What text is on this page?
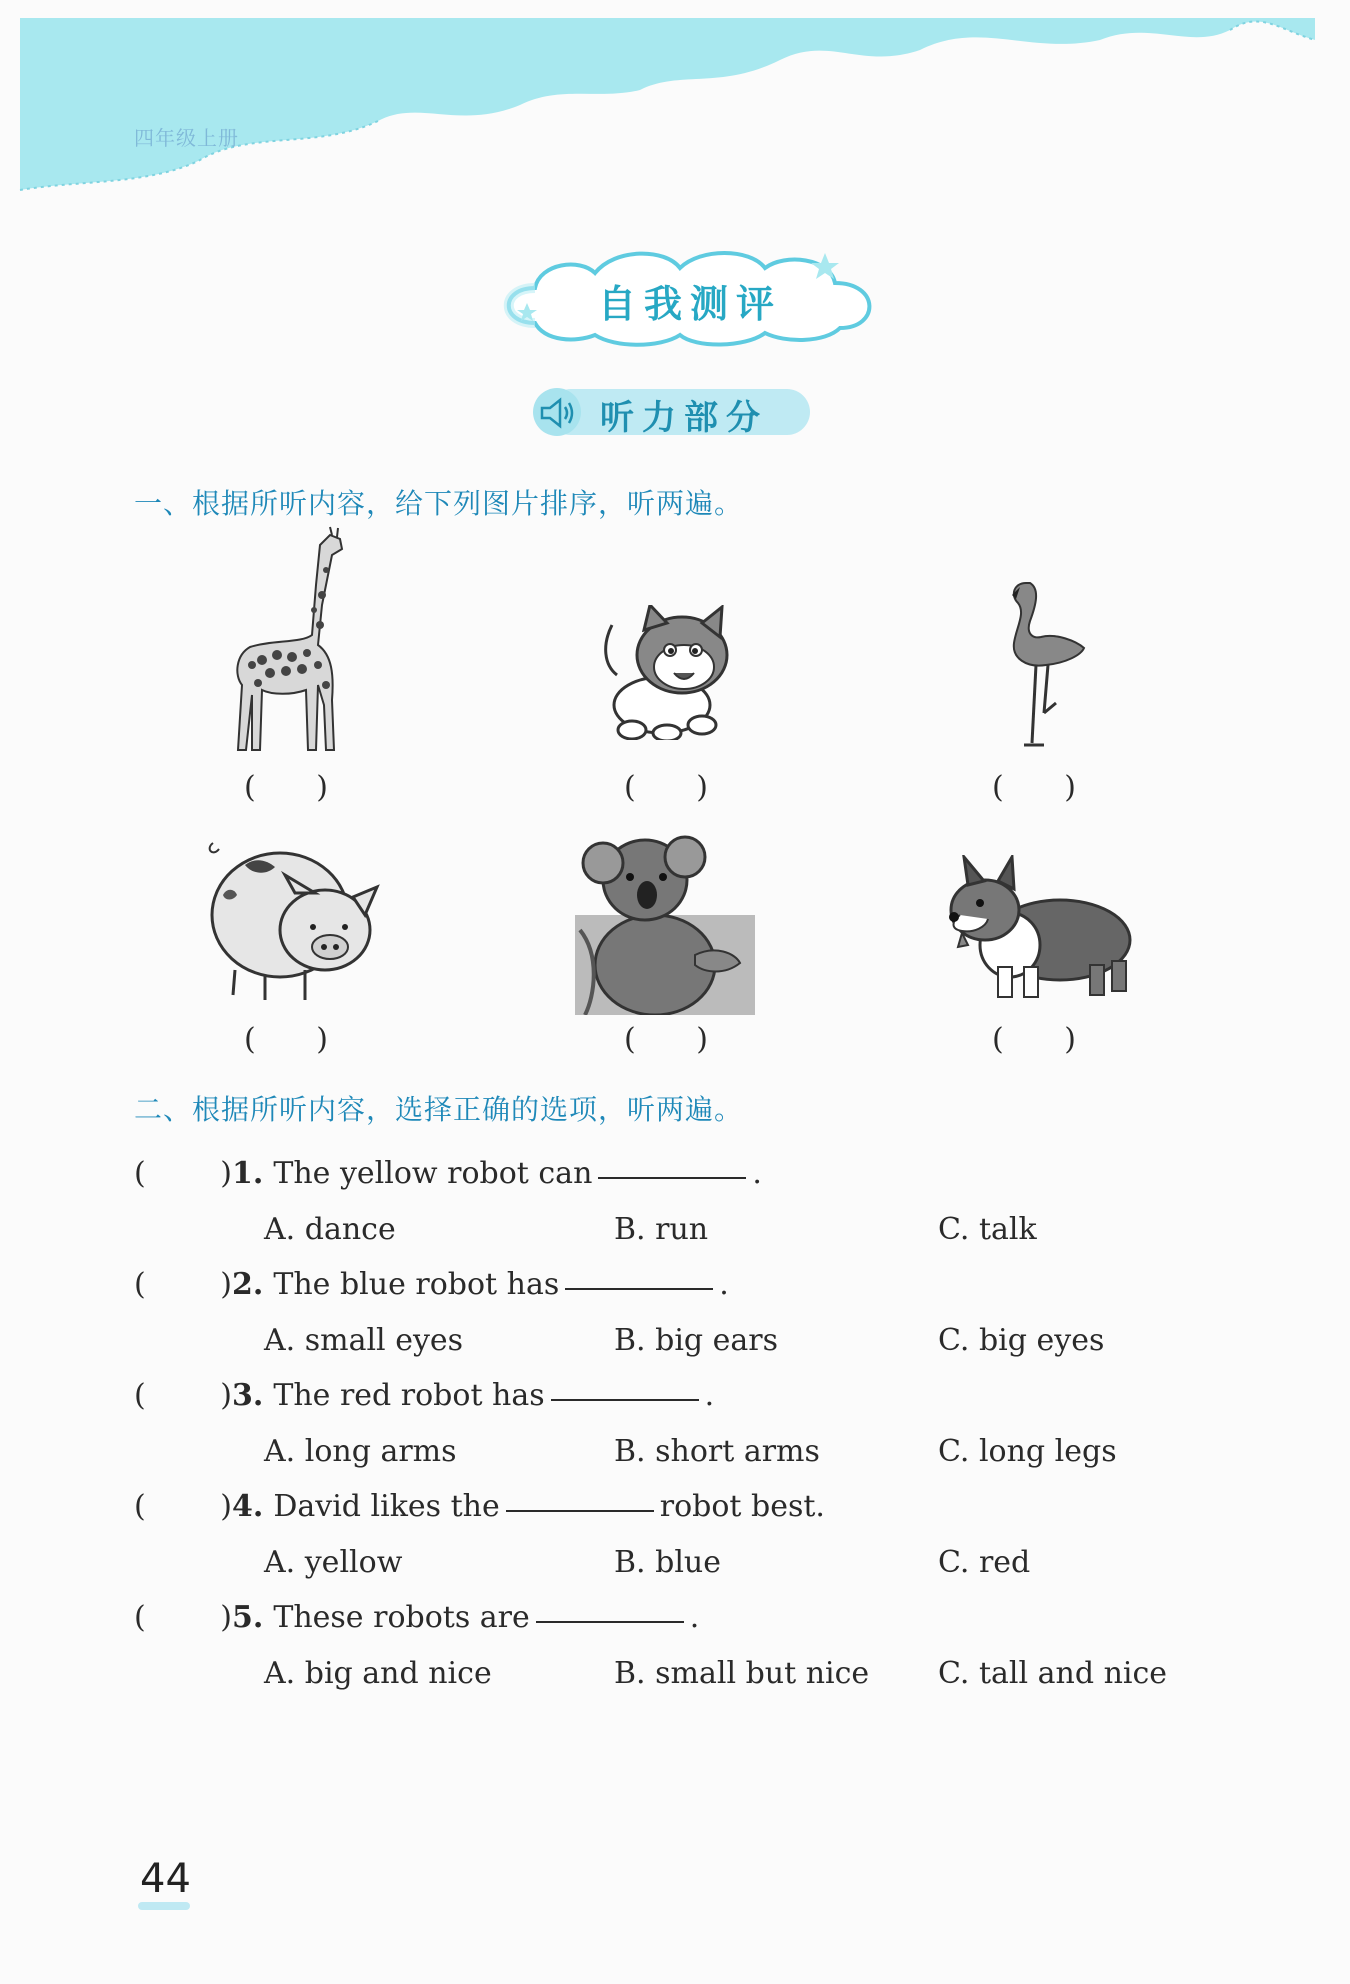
四年级上册
自我测评
听力部分
一、根据所听内容，给下列图片排序，听两遍。
( )	( )	( )
( )	( )	( )
二、根据所听内容，选择正确的选项，听两遍。
( ) 1. The yellow robot can	.
A. dance	B. run	C. talk
( ) 2. The blue robot has	.
A. small eyes	B. big ears	C. big eyes
( ) 3. The red robot has	.
A. long arms	B. short arms	C. long legs
( ) 4. David likes the	robot best.
A. yellow	B. blue	C. red
( ) 5. These robots are	.
A. big and nice	B. small but nice C. tall and nice
44
